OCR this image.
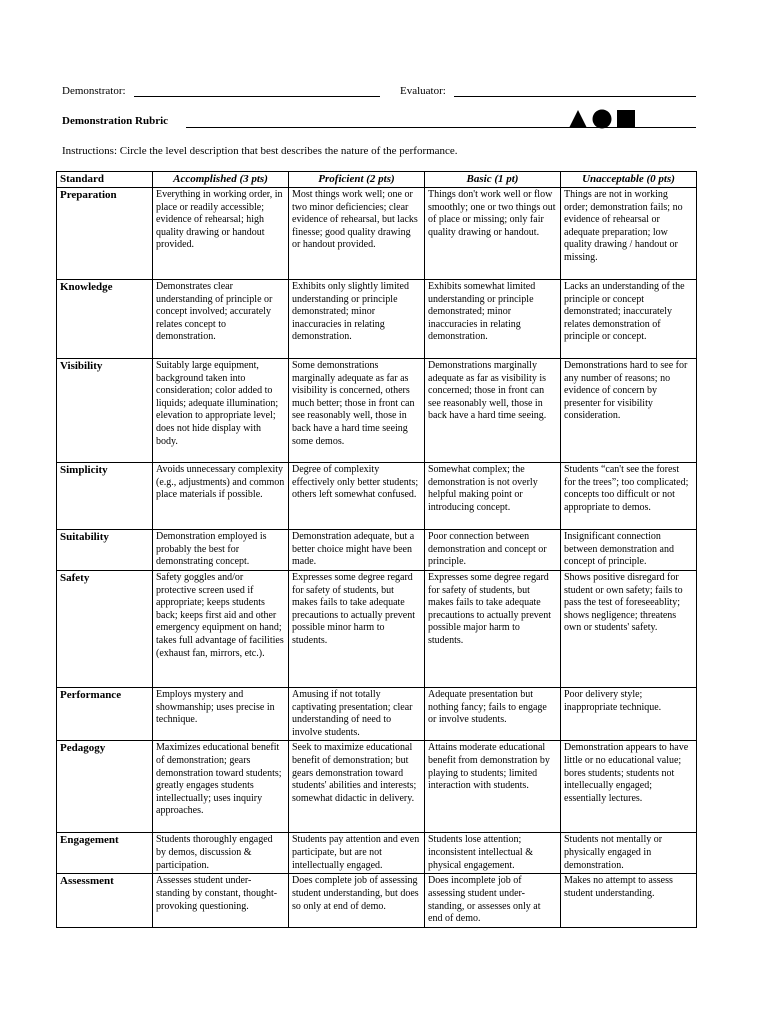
Demonstrator:	Evaluator:
Demonstration Rubric
Instructions: Circle the level description that best describes the nature of the performance.
Standard	Accomplished (3 pts)	Proficient (2 pts)	Basic (1 pt)	Unacceptable (0 pts)
Preparation	Everything in working order, in place or readily accessible; evidence of rehearsal; high quality drawing or handout provided.	Most things work well; one or two minor deficiencies; clear evidence of rehearsal, but lacks finesse; good quality drawing or handout provided.	Things don't work well or flow smoothly; one or two things out of place or missing; only fair quality drawing or handout.	Things are not in working order; demonstration fails; no evidence of rehearsal or adequate preparation; low quality drawing / handout or missing.
Knowledge	Demonstrates clear understanding of principle or concept involved; accurately relates concept to demonstration.	Exhibits only slightly limited understanding or principle demonstrated; minor inaccuracies in relating demonstration.	Exhibits somewhat limited understanding or principle demonstrated; minor inaccuracies in relating demonstration.	Lacks an understanding of the principle or concept demonstrated; inaccurately relates demonstration of principle or concept.
Visibility	Suitably large equipment, background taken into consideration; color added to liquids; adequate illumination; elevation to appropriate level; does not hide display with body.	Some demonstrations marginally adequate as far as visibility is concerned, others much better; those in front can see reasonably well, those in back have a hard time seeing some demos.	Demonstrations marginally adequate as far as visibility is concerned; those in front can see reasonably well, those in back have a hard time seeing.	Demonstrations hard to see for any number of reasons; no evidence of concern by presenter for visibility consideration.
Simplicity	Avoids unnecessary complexity (e.g., adjustments) and common place materials if possible.	Degree of complexity effectively only better students; others left somewhat confused.	Somewhat complex; the demonstration is not overly helpful making point or introducing concept.	Students “can't see the forest for the trees”; too complicated; concepts too difficult or not appropriate to demos.
Suitability	Demonstration employed is probably the best for demonstrating concept.	Demonstration adequate, but a better choice might have been made.	Poor connection between demonstration and concept or principle.	Insignificant connection between demonstration and concept of principle.
Safety	Safety goggles and/or protective screen used if appropriate; keeps students back; keeps first aid and other emergency equipment on hand; takes full advantage of facilities (exhaust fan, mirrors, etc.).	Expresses some degree regard for safety of students, but makes fails to take adequate precautions to actually prevent possible minor harm to students.	Expresses some degree regard for safety of students, but makes fails to take adequate precautions to actually prevent possible major harm to students.	Shows positive disregard for student or own safety; fails to pass the test of foreseeablity; shows negligence; threatens own or students' safety.
Performance	Employs mystery and showmanship; uses precise in technique.	Amusing if not totally captivating presentation; clear understanding of need to involve students.	Adequate presentation but nothing fancy; fails to engage or involve students.	Poor delivery style; inappropriate technique.
Pedagogy	Maximizes educational benefit of demonstration; gears demonstration toward students; greatly engages students intellectually; uses inquiry approaches.	Seek to maximize educational benefit of demonstration; but gears demonstration toward students' abilities and interests; somewhat didactic in delivery.	Attains moderate educational benefit from demonstration by playing to students; limited interaction with students.	Demonstration appears to have little or no educational value; bores students; students not intellecually engaged; essentially lectures.
Engagement	Students thoroughly engaged by demos, discussion & participation.	Students pay attention and even participate, but are not intellectually engaged.	Students lose attention; inconsistent intellectual & physical engagement.	Students not mentally or physically engaged in demonstration.
Assessment	Assesses student under-standing by constant, thought-provoking questioning.	Does complete job of assessing student understanding, but does so only at end of demo.	Does incomplete job of assessing student under-standing, or assesses only at end of demo.	Makes no attempt to assess student understanding.
